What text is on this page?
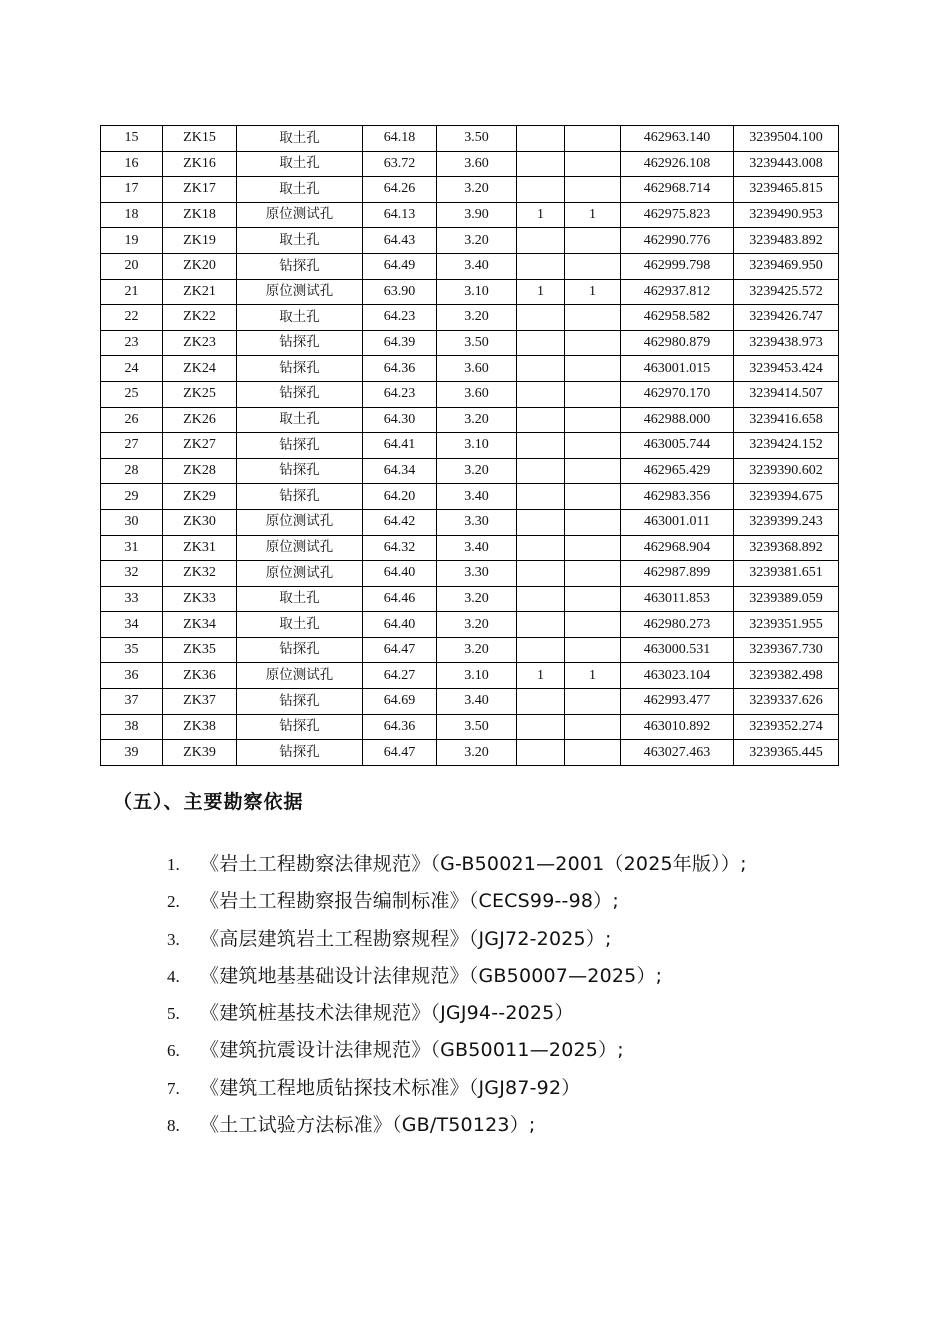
15	ZK15	取土孔	64.18	3.50			462963.140	3239504.100
16	ZK16	取土孔	63.72	3.60			462926.108	3239443.008
17	ZK17	取土孔	64.26	3.20			462968.714	3239465.815
18	ZK18	原位测试孔	64.13	3.90	1	1	462975.823	3239490.953
19	ZK19	取土孔	64.43	3.20			462990.776	3239483.892
20	ZK20	钻探孔	64.49	3.40			462999.798	3239469.950
21	ZK21	原位测试孔	63.90	3.10	1	1	462937.812	3239425.572
22	ZK22	取土孔	64.23	3.20			462958.582	3239426.747
23	ZK23	钻探孔	64.39	3.50			462980.879	3239438.973
24	ZK24	钻探孔	64.36	3.60			463001.015	3239453.424
25	ZK25	钻探孔	64.23	3.60			462970.170	3239414.507
26	ZK26	取土孔	64.30	3.20			462988.000	3239416.658
27	ZK27	钻探孔	64.41	3.10			463005.744	3239424.152
28	ZK28	钻探孔	64.34	3.20			462965.429	3239390.602
29	ZK29	钻探孔	64.20	3.40			462983.356	3239394.675
30	ZK30	原位测试孔	64.42	3.30			463001.011	3239399.243
31	ZK31	原位测试孔	64.32	3.40			462968.904	3239368.892
32	ZK32	原位测试孔	64.40	3.30			462987.899	3239381.651
33	ZK33	取土孔	64.46	3.20			463011.853	3239389.059
34	ZK34	取土孔	64.40	3.20			462980.273	3239351.955
35	ZK35	钻探孔	64.47	3.20			463000.531	3239367.730
36	ZK36	原位测试孔	64.27	3.10	1	1	463023.104	3239382.498
37	ZK37	钻探孔	64.69	3.40			462993.477	3239337.626
38	ZK38	钻探孔	64.36	3.50			463010.892	3239352.274
39	ZK39	钻探孔	64.47	3.20			463027.463	3239365.445
（五）、主要勘察依据
1. 《岩土工程勘察法律规范》（G-B50021—2001（2025年版））;
2. 《岩土工程勘察报告编制标准》（CECS99--98）;
3. 《高层建筑岩土工程勘察规程》（JGJ72-2025）;
4. 《建筑地基基础设计法律规范》（GB50007—2025）;
5. 《建筑桩基技术法律规范》（JGJ94--2025）
6. 《建筑抗震设计法律规范》（GB50011—2025）;
7. 《建筑工程地质钻探技术标准》（JGJ87-92）
8. 《土工试验方法标准》（GB/T50123）;
